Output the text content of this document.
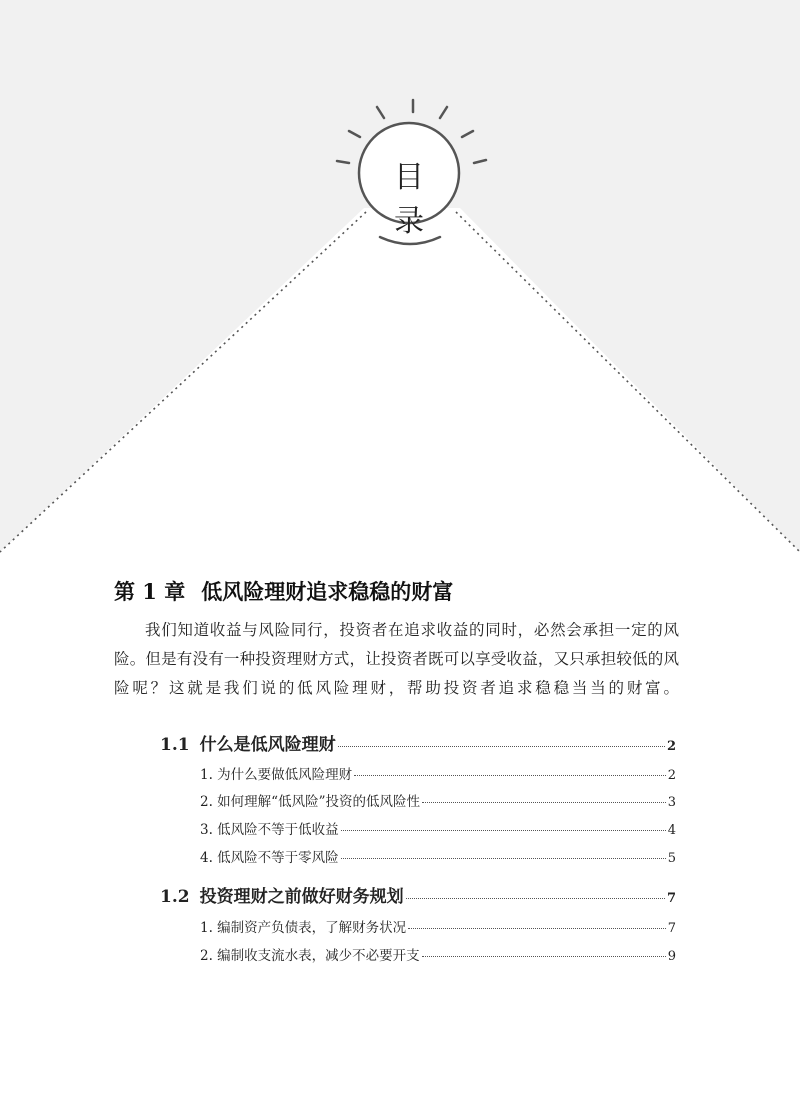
目 录
第 1 章 低风险理财追求稳稳的财富
我们知道收益与风险同行，投资者在追求收益的同时，必然会承担一定的风险。但是有没有一种投资理财方式，让投资者既可以享受收益，又只承担较低的风险呢？这就是我们说的低风险理财，帮助投资者追求稳稳当当的财富。
1.1 什么是低风险理财	2
1. 为什么要做低风险理财	2
2. 如何理解“低风险”投资的低风险性	3
3. 低风险不等于低收益	4
4. 低风险不等于零风险	5
1.2 投资理财之前做好财务规划	7
1. 编制资产负债表，了解财务状况	7
2. 编制收支流水表，减少不必要开支	9
